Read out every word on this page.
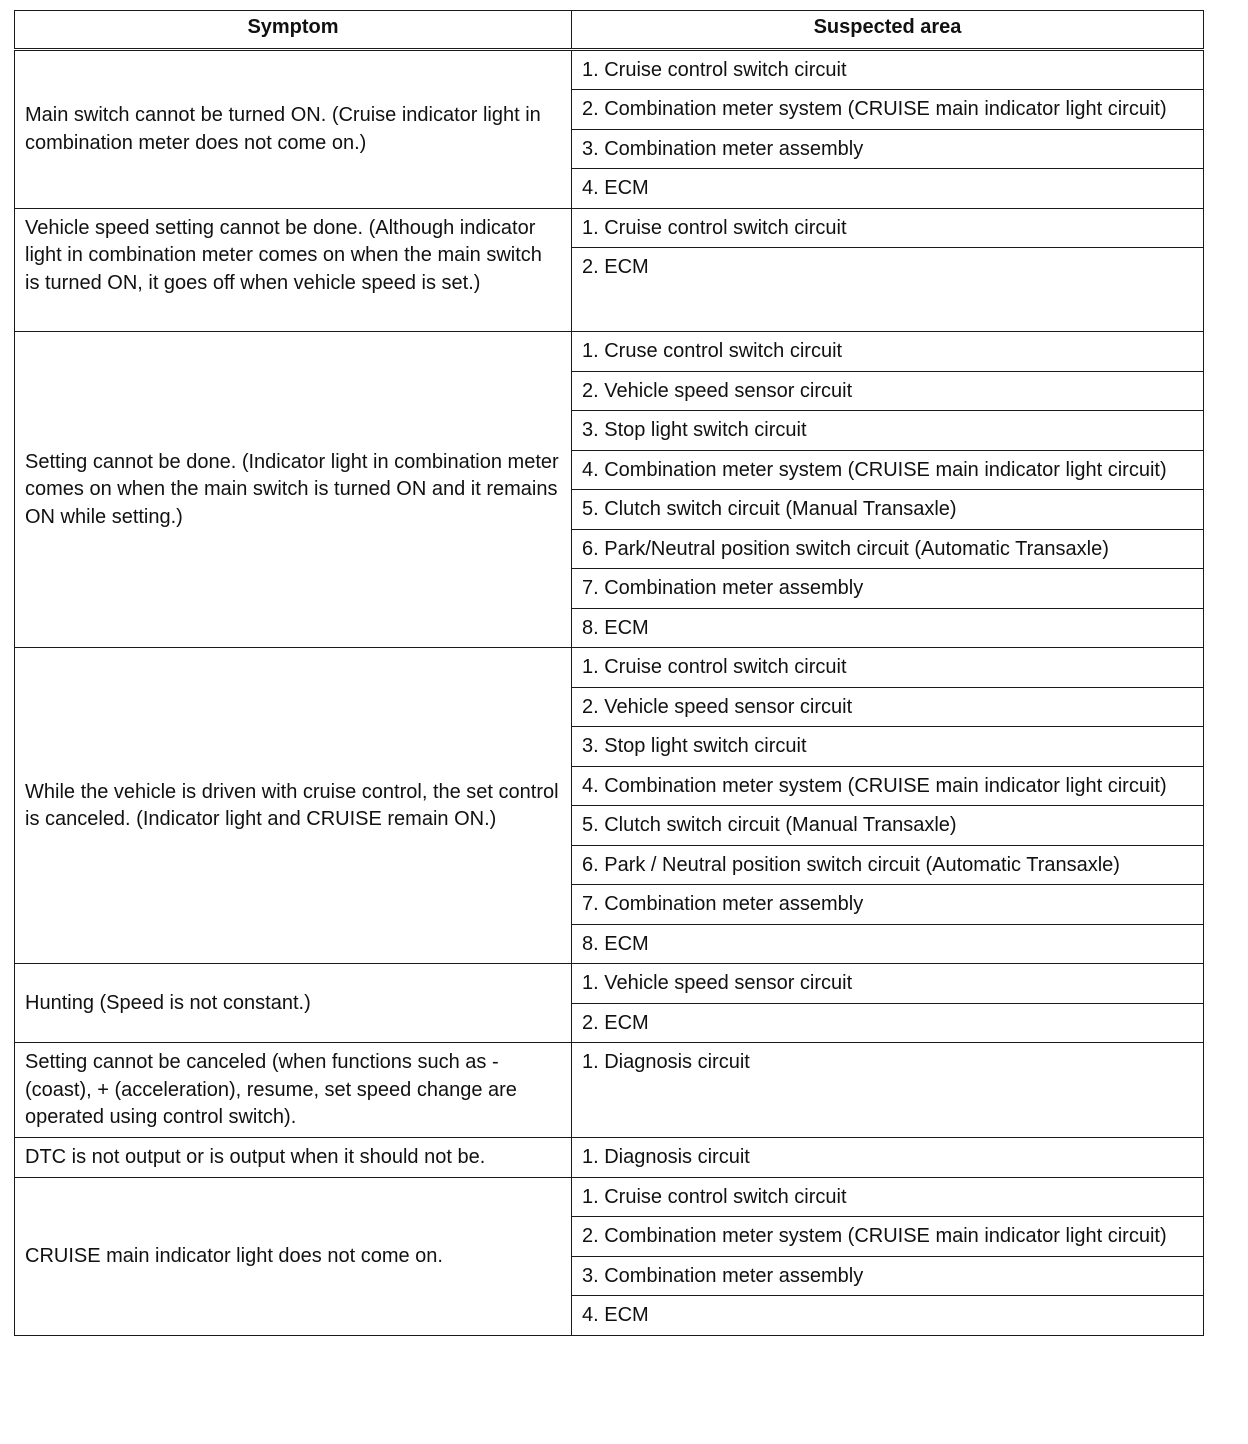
Symptom	Suspected area
Main switch cannot be turned ON. (Cruise indicator light in combination meter does not come on.)	1. Cruise control switch circuit
	2. Combination meter system (CRUISE main indicator light circuit)
	3. Combination meter assembly
	4. ECM
Vehicle speed setting cannot be done. (Although indicator light in combination meter comes on when the main switch is turned ON, it goes off when vehicle speed is set.)	1. Cruise control switch circuit
	2. ECM
Setting cannot be done. (Indicator light in combination meter comes on when the main switch is turned ON and it remains ON while setting.)	1. Cruse control switch circuit
	2. Vehicle speed sensor circuit
	3. Stop light switch circuit
	4. Combination meter system (CRUISE main indicator light circuit)
	5. Clutch switch circuit (Manual Transaxle)
	6. Park/Neutral position switch circuit (Automatic Transaxle)
	7. Combination meter assembly
	8. ECM
While the vehicle is driven with cruise control, the set control is canceled. (Indicator light and CRUISE remain ON.)	1. Cruise control switch circuit
	2. Vehicle speed sensor circuit
	3. Stop light switch circuit
	4. Combination meter system (CRUISE main indicator light circuit)
	5. Clutch switch circuit (Manual Transaxle)
	6. Park / Neutral position switch circuit (Automatic Transaxle)
	7. Combination meter assembly
	8. ECM
Hunting (Speed is not constant.)	1. Vehicle speed sensor circuit
	2. ECM
Setting cannot be canceled (when functions such as - (coast), + (acceleration), resume, set speed change are operated using control switch).	1. Diagnosis circuit
DTC is not output or is output when it should not be.	1. Diagnosis circuit
CRUISE main indicator light does not come on.	1. Cruise control switch circuit
	2. Combination meter system (CRUISE main indicator light circuit)
	3. Combination meter assembly
	4. ECM
